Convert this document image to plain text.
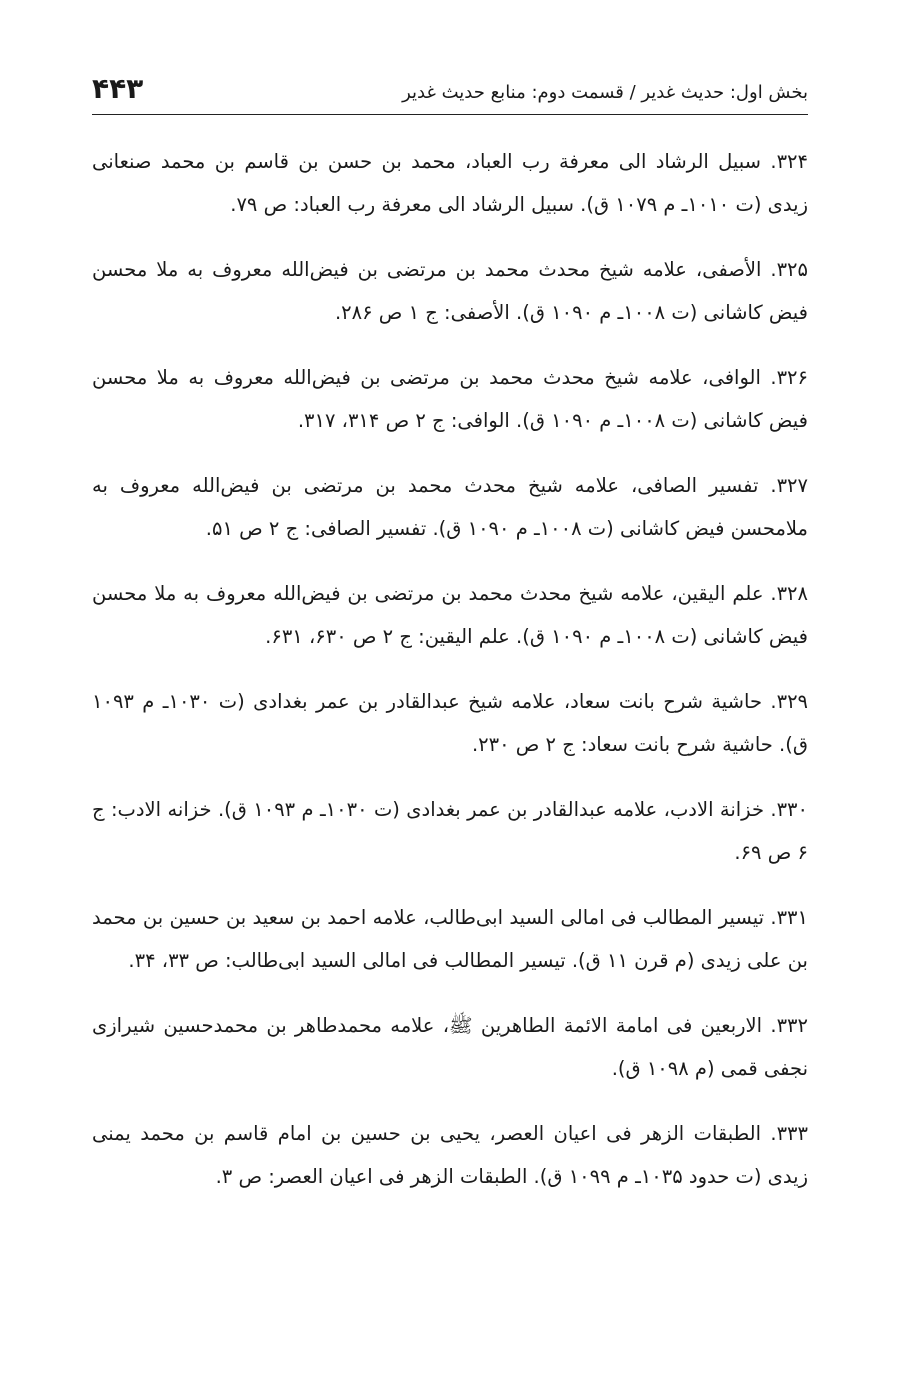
بخش اول: حدیث غدیر / قسمت دوم: منابع حدیث غدیر
۴۴۳

۳۲۴. سبیل الرشاد الی معرفة رب العباد، محمد بن حسن بن قاسم بن محمد صنعانی زیدی (ت ۱۰۱۰ـ م ۱۰۷۹ ق). سبیل الرشاد الی معرفة رب العباد: ص ۷۹.

۳۲۵. الأصفی، علامه شیخ محدث محمد بن مرتضی بن فیض‌الله معروف به ملا محسن فیض کاشانی (ت ۱۰۰۸ـ م ۱۰۹۰ ق). الأصفی: ج ۱ ص ۲۸۶.

۳۲۶. الوافی، علامه شیخ محدث محمد بن مرتضی بن فیض‌الله معروف به ملا محسن فیض کاشانی (ت ۱۰۰۸ـ م ۱۰۹۰ ق). الوافی: ج ۲ ص ۳۱۴، ۳۱۷.

۳۲۷. تفسیر الصافی، علامه شیخ محدث محمد بن مرتضی بن فیض‌الله معروف به ملامحسن فیض کاشانی (ت ۱۰۰۸ـ م ۱۰۹۰ ق). تفسیر الصافی: ج ۲ ص ۵۱.

۳۲۸. علم الیقین، علامه شیخ محدث محمد بن مرتضی بن فیض‌الله معروف به ملا محسن فیض کاشانی (ت ۱۰۰۸ـ م ۱۰۹۰ ق). علم الیقین: ج ۲ ص ۶۳۰، ۶۳۱.

۳۲۹. حاشیة شرح بانت سعاد، علامه شیخ عبدالقادر بن عمر بغدادی (ت ۱۰۳۰ـ م ۱۰۹۳ ق). حاشیة شرح بانت سعاد: ج ۲ ص ۲۳۰.

۳۳۰. خزانة الادب، علامه عبدالقادر بن عمر بغدادی (ت ۱۰۳۰ـ م ۱۰۹۳ ق). خزانه الادب: ج ۶ ص ۶۹.

۳۳۱. تیسیر المطالب فی امالی السید ابی‌طالب، علامه احمد بن سعید بن حسین بن محمد بن علی زیدی (م قرن ۱۱ ق). تیسیر المطالب فی امالی السید ابی‌طالب: ص ۳۳، ۳۴.

۳۳۲. الاربعین فی امامة الائمة الطاهرین ﷺ، علامه محمدطاهر بن محمدحسین شیرازی نجفی قمی (م ۱۰۹۸ ق).

۳۳۳. الطبقات الزهر فی اعیان العصر، یحیی بن حسین بن امام قاسم بن محمد یمنی زیدی (ت حدود ۱۰۳۵ـ م ۱۰۹۹ ق). الطبقات الزهر فی اعیان العصر: ص ۳.
